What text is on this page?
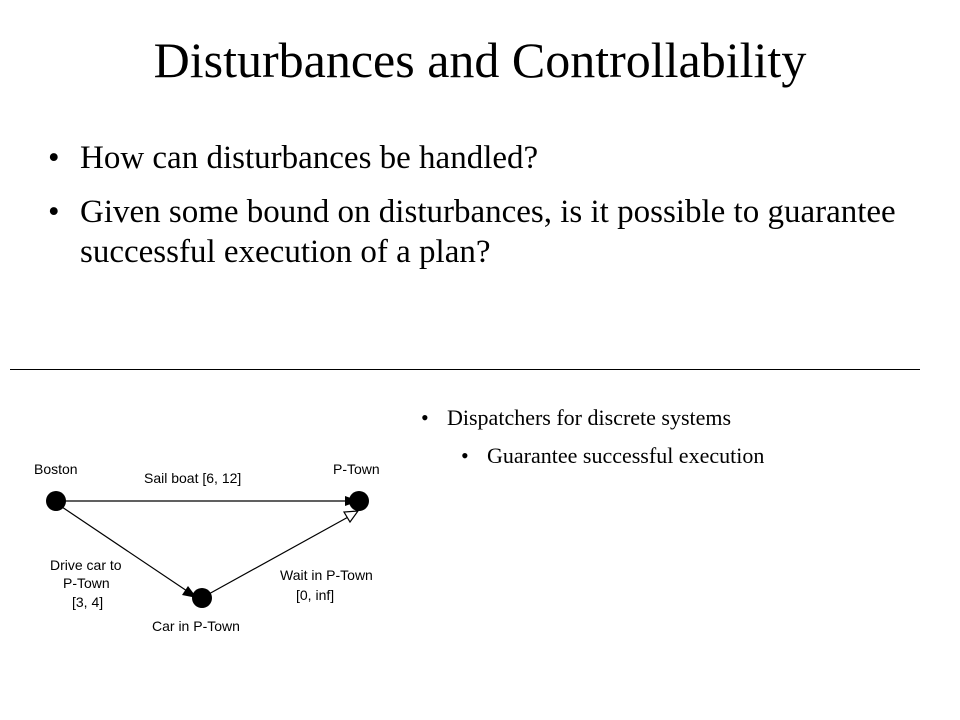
Disturbances and Controllability
• How can disturbances be handled?
• Given some bound on disturbances, is it possible to guarantee successful execution of a plan?
Boston	P-Town
Car in P-Town
Sail boat [6, 12]
Drive car to
P-Town
[3, 4]
Wait in P-Town
[0, inf]
• Dispatchers for discrete systems
• Guarantee successful execution
